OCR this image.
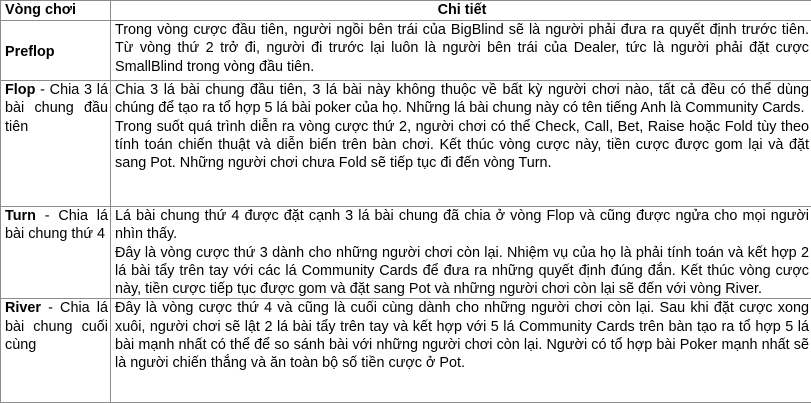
Vòng chơi	Chi tiết
Preflop	Trong vòng cược đầu tiên, người ngồi bên trái của BigBlind sẽ là người phải đưa ra quyết định trước tiên. Từ vòng thứ 2 trở đi, người đi trước lại luôn là người bên trái của Dealer, tức là người phải đặt cược SmallBlind trong vòng đầu tiên.

Flop - Chia 3 lá bài chung đầu tiên	Chia 3 lá bài chung đầu tiên, 3 lá bài này không thuộc về bất kỳ người chơi nào, tất cả đều có thể dùng chúng để tạo ra tổ hợp 5 lá bài poker của họ. Những lá bài chung này có tên tiếng Anh là Community Cards.

Trong suốt quá trình diễn ra vòng cược thứ 2, người chơi có thể Check, Call, Bet, Raise hoặc Fold tùy theo tính toán chiến thuật và diễn biến trên bàn chơi. Kết thúc vòng cược này, tiền cược được gom lại và đặt sang Pot. Những người chơi chưa Fold sẽ tiếp tục đi đến vòng Turn.

Turn - Chia lá bài chung thứ 4	Lá bài chung thứ 4 được đặt cạnh 3 lá bài chung đã chia ở vòng Flop và cũng được ngửa cho mọi người nhìn thấy.

Đây là vòng cược thứ 3 dành cho những người chơi còn lại. Nhiệm vụ của họ là phải tính toán và kết hợp 2 lá bài tẩy trên tay với các lá Community Cards để đưa ra những quyết định đúng đắn. Kết thúc vòng cược này, tiền cược tiếp tục được gom và đặt sang Pot và những người chơi còn lại sẽ đến với vòng River.

River - Chia lá bài chung cuối cùng	Đây là vòng cược thứ 4 và cũng là cuối cùng dành cho những người chơi còn lại. Sau khi đặt cược xong xuôi, người chơi sẽ lật 2 lá bài tẩy trên tay và kết hợp với 5 lá Community Cards trên bàn tạo ra tổ hợp 5 lá bài mạnh nhất có thể để so sánh bài với những người chơi còn lại. Người có tổ hợp bài Poker mạnh nhất sẽ là người chiến thắng và ăn toàn bộ số tiền cược ở Pot.
